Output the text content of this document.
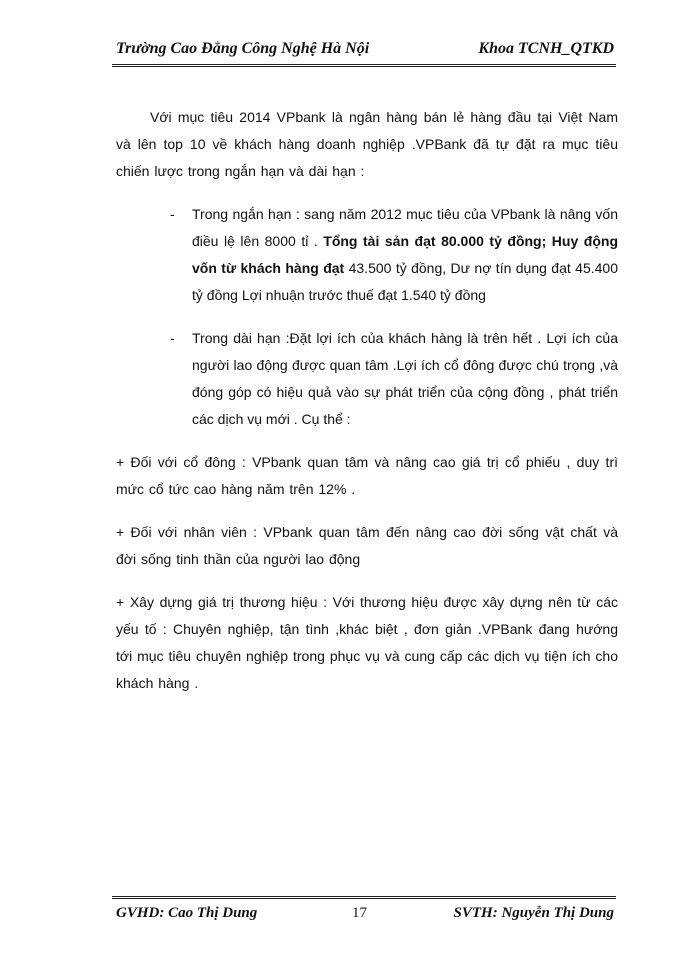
Trường Cao Đẳng Công Nghệ Hà Nội	Khoa TCNH_QTKD

Với mục tiêu 2014 VPbank là ngân hàng bán lẻ hàng đầu tại Việt Nam và lên top 10 về khách hàng doanh nghiệp .VPBank đã tự đặt ra mục tiêu chiến lược trong ngắn hạn và dài hạn :

- Trong ngắn hạn : sang năm 2012 mục tiêu của VPbank là nâng vốn điều lệ lên 8000 tỉ . Tổng tài sản đạt 80.000 tỷ đồng; Huy động vốn từ khách hàng đạt 43.500 tỷ đồng, Dư nợ tín dụng đạt 45.400 tỷ đồng Lợi nhuận trước thuế đạt 1.540 tỷ đồng
- Trong dài hạn :Đặt lợi ích của khách hàng là trên hết . Lợi ích của người lao động được quan tâm .Lợi ích cổ đông được chú trọng ,và đóng góp có hiệu quả vào sự phát triển của cộng đồng , phát triển các dịch vụ mới . Cụ thể :

+ Đối với cổ đông : VPbank quan tâm và nâng cao giá trị cổ phiếu , duy trì mức cổ tức cao hàng năm trên 12% .

+ Đối với nhân viên : VPbank quan tâm đến nâng cao đời sống vật chất và đời sống tinh thần của người lao động

+ Xây dựng giá trị thương hiệu : Với thương hiệu được xây dựng nên từ các yếu tố : Chuyên nghiệp, tận tình ,khác biệt , đơn giản .VPBank đang hướng tới mục tiêu chuyên nghiệp trong phục vụ và cung cấp các dịch vụ tiện ích cho khách hàng .

GVHD: Cao Thị Dung	17	SVTH: Nguyễn Thị Dung
